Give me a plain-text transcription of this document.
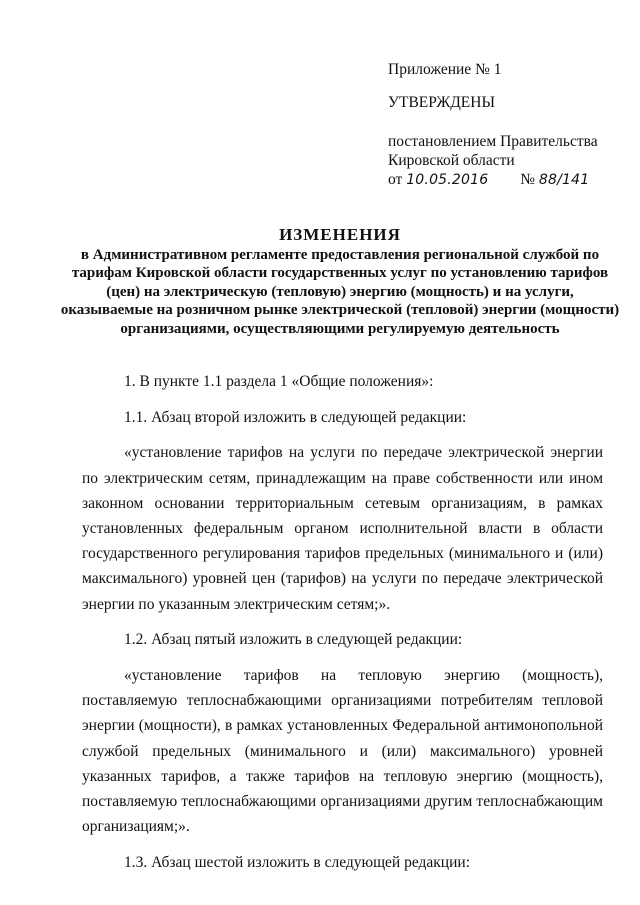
Приложение № 1
УТВЕРЖДЕНЫ
постановлением Правительства
Кировской области
от 10.05.2016 № 88/141
ИЗМЕНЕНИЯ
в Административном регламенте предоставления региональной службой по тарифам Кировской области государственных услуг по установлению тарифов (цен) на электрическую (тепловую) энергию (мощность) и на услуги, оказываемые на розничном рынке электрической (тепловой) энергии (мощности) организациями, осуществляющими регулируемую деятельность

1. В пункте 1.1 раздела 1 «Общие положения»:

1.1. Абзац второй изложить в следующей редакции:

«установление тарифов на услуги по передаче электрической энергии по электрическим сетям, принадлежащим на праве собственности или ином законном основании территориальным сетевым организациям, в рамках установленных федеральным органом исполнительной власти в области государственного регулирования тарифов предельных (минимального и (или) максимального) уровней цен (тарифов) на услуги по передаче электрической энергии по указанным электрическим сетям;».

1.2. Абзац пятый изложить в следующей редакции:

«установление тарифов на тепловую энергию (мощность), поставляемую теплоснабжающими организациями потребителям тепловой энергии (мощности), в рамках установленных Федеральной антимонопольной службой предельных (минимального и (или) максимального) уровней указанных тарифов, а также тарифов на тепловую энергию (мощность), поставляемую теплоснабжающими организациями другим теплоснабжающим организациям;».

1.3. Абзац шестой изложить в следующей редакции:
